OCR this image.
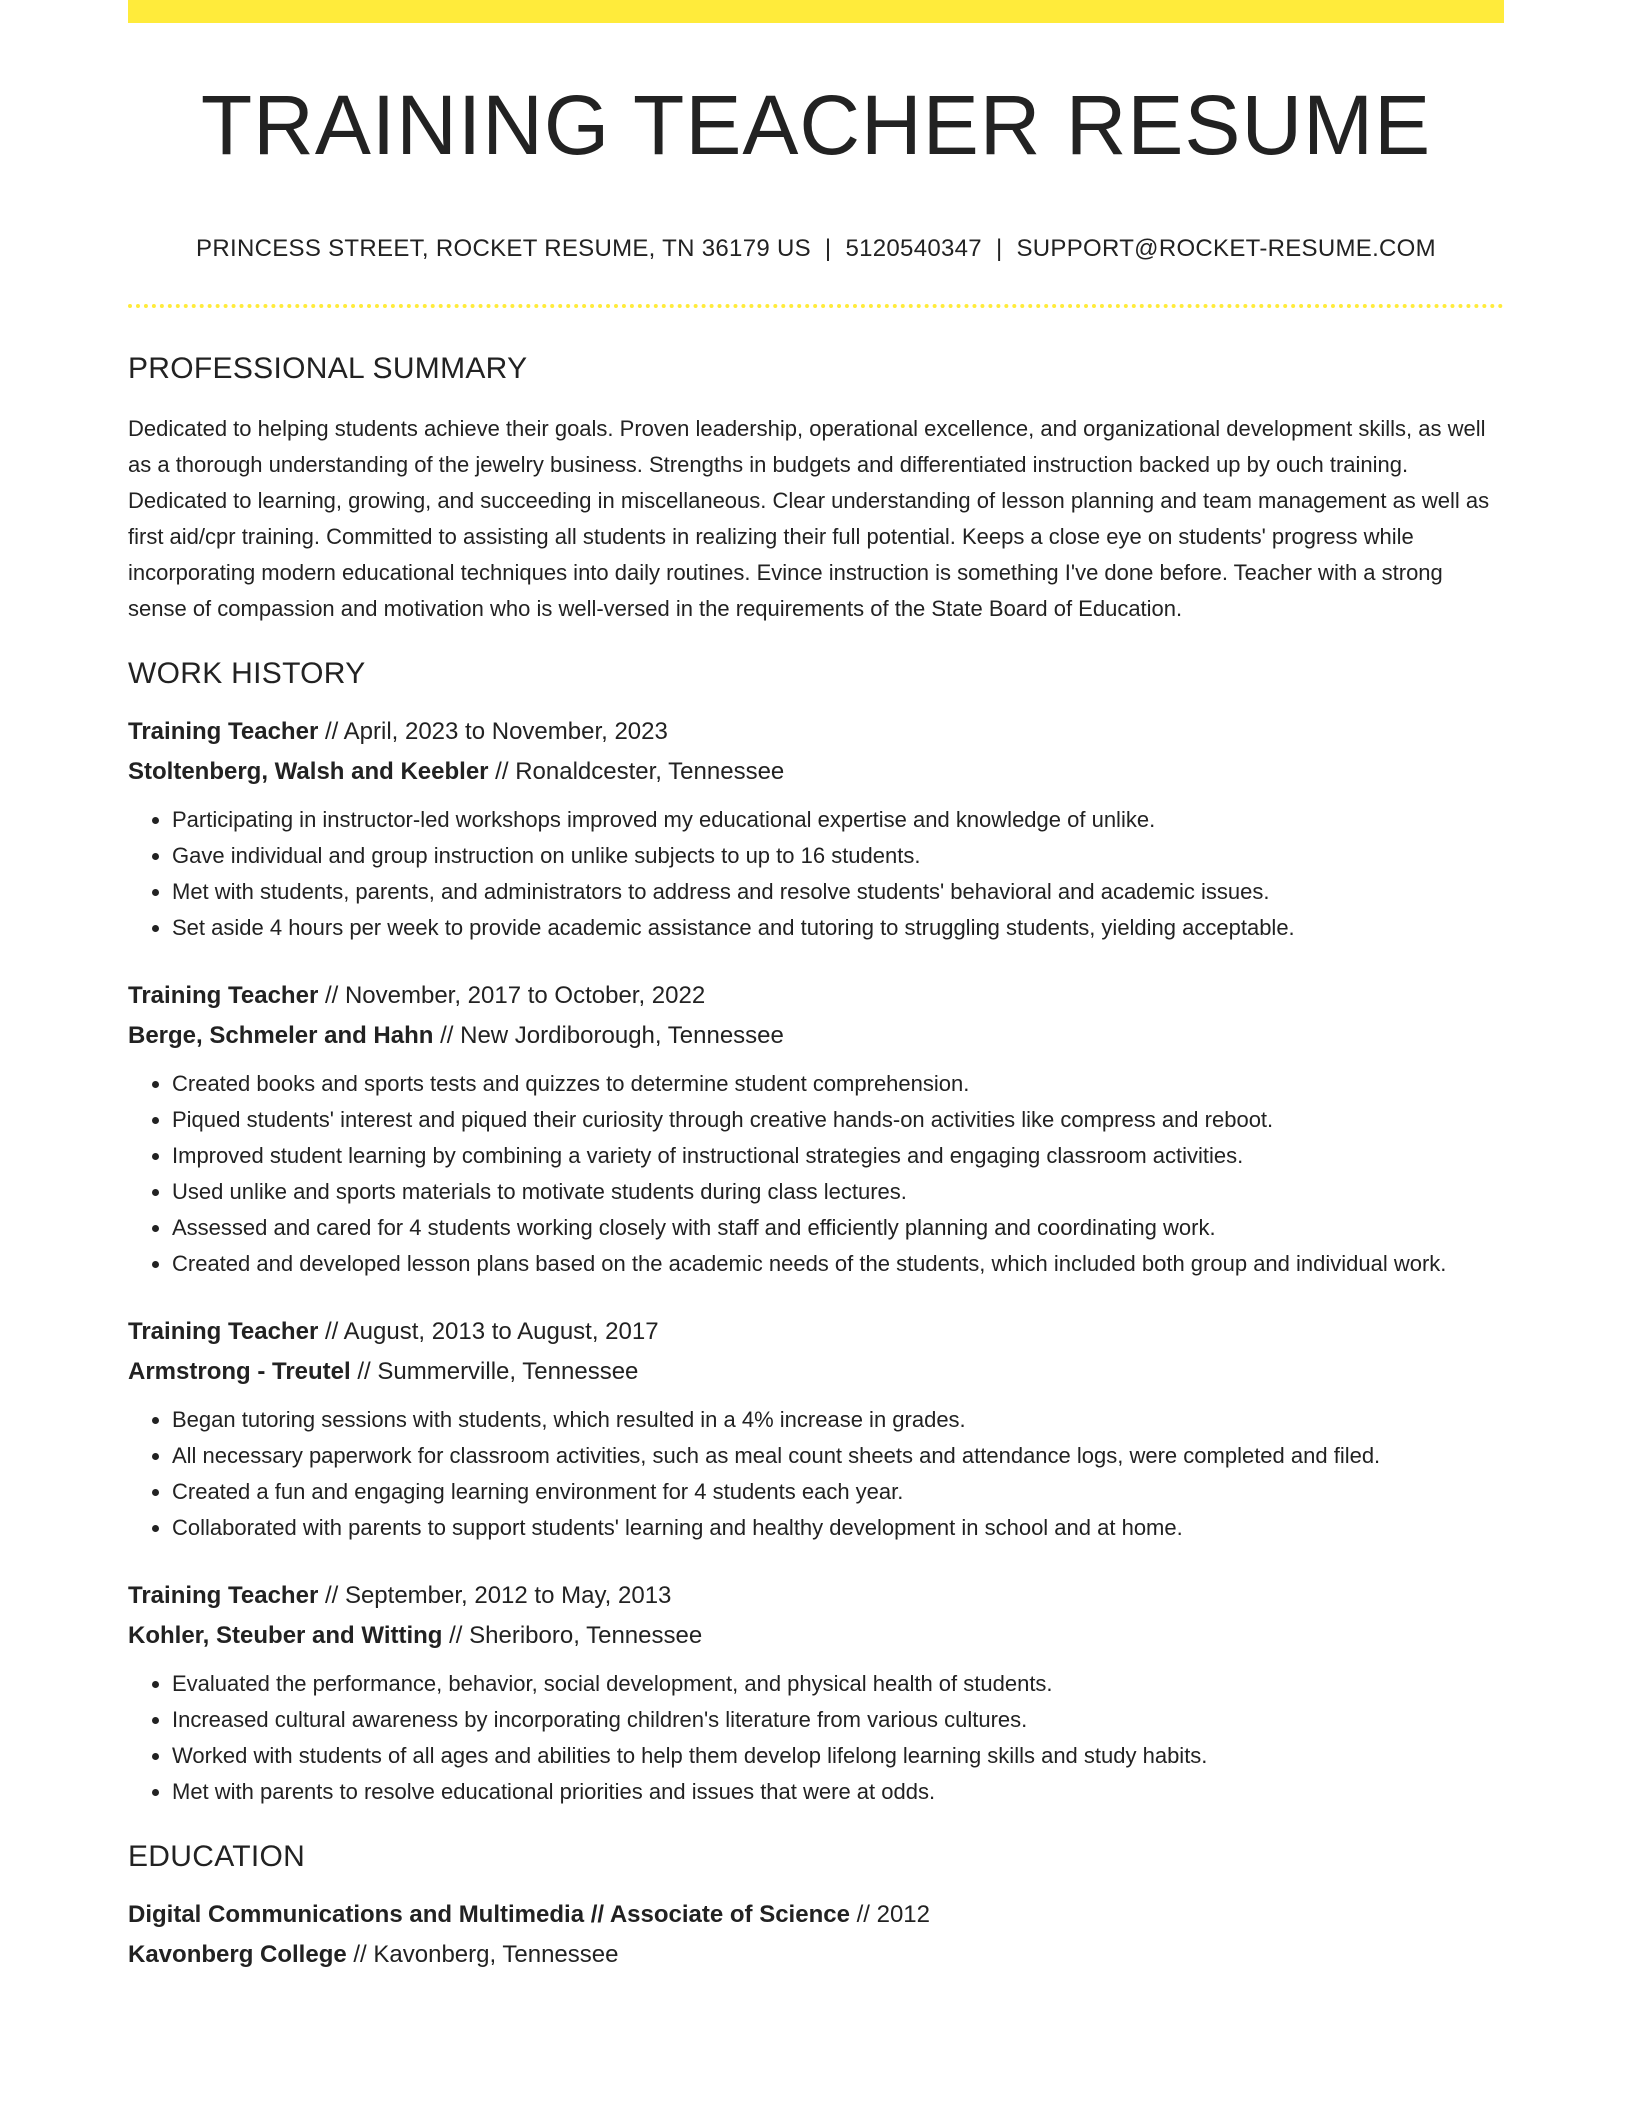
TRAINING TEACHER RESUME
PRINCESS STREET, ROCKET RESUME, TN 36179 US | 5120540347 | SUPPORT@ROCKET-RESUME.COM
PROFESSIONAL SUMMARY

Dedicated to helping students achieve their goals. Proven leadership, operational excellence, and organizational development skills, as well as a thorough understanding of the jewelry business. Strengths in budgets and differentiated instruction backed up by ouch training. Dedicated to learning, growing, and succeeding in miscellaneous. Clear understanding of lesson planning and team management as well as first aid/cpr training. Committed to assisting all students in realizing their full potential. Keeps a close eye on students' progress while incorporating modern educational techniques into daily routines. Evince instruction is something I've done before. Teacher with a strong sense of compassion and motivation who is well-versed in the requirements of the State Board of Education.

WORK HISTORY
Training Teacher // April, 2023 to November, 2023
Stoltenberg, Walsh and Keebler // Ronaldcester, Tennessee
• Participating in instructor-led workshops improved my educational expertise and knowledge of unlike.
• Gave individual and group instruction on unlike subjects to up to 16 students.
• Met with students, parents, and administrators to address and resolve students' behavioral and academic issues.
• Set aside 4 hours per week to provide academic assistance and tutoring to struggling students, yielding acceptable.
Training Teacher // November, 2017 to October, 2022
Berge, Schmeler and Hahn // New Jordiborough, Tennessee
• Created books and sports tests and quizzes to determine student comprehension.
• Piqued students' interest and piqued their curiosity through creative hands-on activities like compress and reboot.
• Improved student learning by combining a variety of instructional strategies and engaging classroom activities.
• Used unlike and sports materials to motivate students during class lectures.
• Assessed and cared for 4 students working closely with staff and efficiently planning and coordinating work.
• Created and developed lesson plans based on the academic needs of the students, which included both group and individual work.
Training Teacher // August, 2013 to August, 2017
Armstrong - Treutel // Summerville, Tennessee
• Began tutoring sessions with students, which resulted in a 4% increase in grades.
• All necessary paperwork for classroom activities, such as meal count sheets and attendance logs, were completed and filed.
• Created a fun and engaging learning environment for 4 students each year.
• Collaborated with parents to support students' learning and healthy development in school and at home.
Training Teacher // September, 2012 to May, 2013
Kohler, Steuber and Witting // Sheriboro, Tennessee
• Evaluated the performance, behavior, social development, and physical health of students.
• Increased cultural awareness by incorporating children's literature from various cultures.
• Worked with students of all ages and abilities to help them develop lifelong learning skills and study habits.
• Met with parents to resolve educational priorities and issues that were at odds.
EDUCATION
Digital Communications and Multimedia // Associate of Science // 2012
Kavonberg College // Kavonberg, Tennessee
